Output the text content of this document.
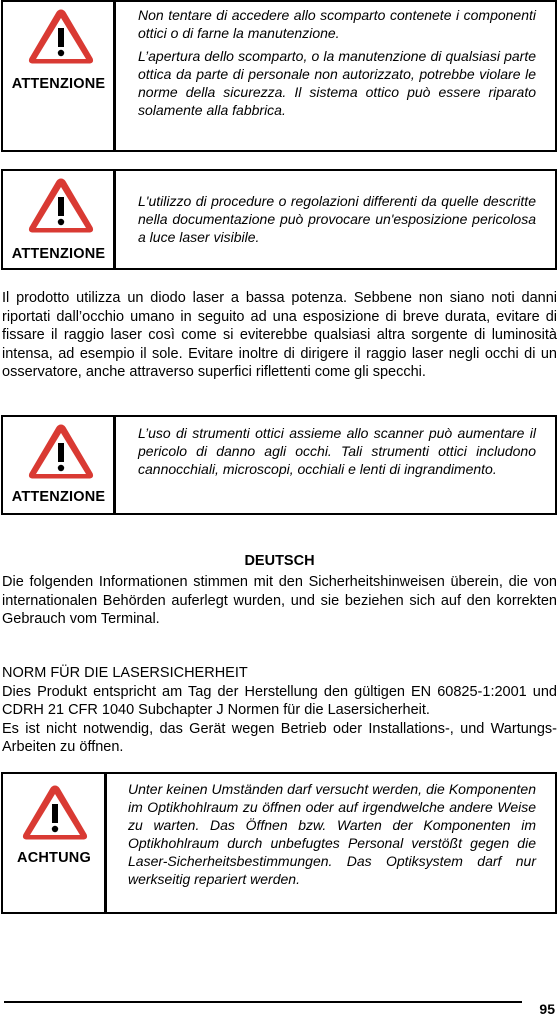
ATTENZIONE

Non tentare di accedere allo scomparto contenete i componenti ottici o di farne la manutenzione.

L’apertura dello scomparto, o la manutenzione di qualsiasi parte ottica da parte di personale non autorizzato, potrebbe violare le norme della sicurezza. Il sistema ottico può essere riparato solamente alla fabbrica.

ATTENZIONE

L'utilizzo di procedure o regolazioni differenti da quelle descritte nella documentazione può provocare un'esposizione pericolosa a luce laser visibile.

Il prodotto utilizza un diodo laser a bassa potenza. Sebbene non siano noti danni riportati dall’occhio umano in seguito ad una esposizione di breve durata, evitare di fissare il raggio laser così come si eviterebbe qualsiasi altra sorgente di luminosità intensa, ad esempio il sole. Evitare inoltre di dirigere il raggio laser negli occhi di un osservatore, anche attraverso superfici riflettenti come gli specchi.

ATTENZIONE

L’uso di strumenti ottici assieme allo scanner può aumentare il pericolo di danno agli occhi. Tali strumenti ottici includono cannocchiali, microscopi, occhiali e lenti di ingrandimento.

DEUTSCH

Die folgenden Informationen stimmen mit den Sicherheitshinweisen überein, die von internationalen Behörden auferlegt wurden, und sie beziehen sich auf den korrekten Gebrauch vom Terminal.

NORM FÜR DIE LASERSICHERHEIT

Dies Produkt entspricht am Tag der Herstellung den gültigen EN 60825-1:2001 und CDRH 21 CFR 1040 Subchapter J Normen für die Lasersicherheit.

Es ist nicht notwendig, das Gerät wegen Betrieb oder Installations-, und Wartungs-Arbeiten zu öffnen.

ACHTUNG

Unter keinen Umständen darf versucht werden, die Komponenten im Optikhohlraum zu öffnen oder auf irgendwelche andere Weise zu warten. Das Öffnen bzw. Warten der Komponenten im Optikhohlraum durch unbefugtes Personal verstößt gegen die Laser-Sicherheitsbestimmungen. Das Optiksystem darf nur werkseitig repariert werden.

95
